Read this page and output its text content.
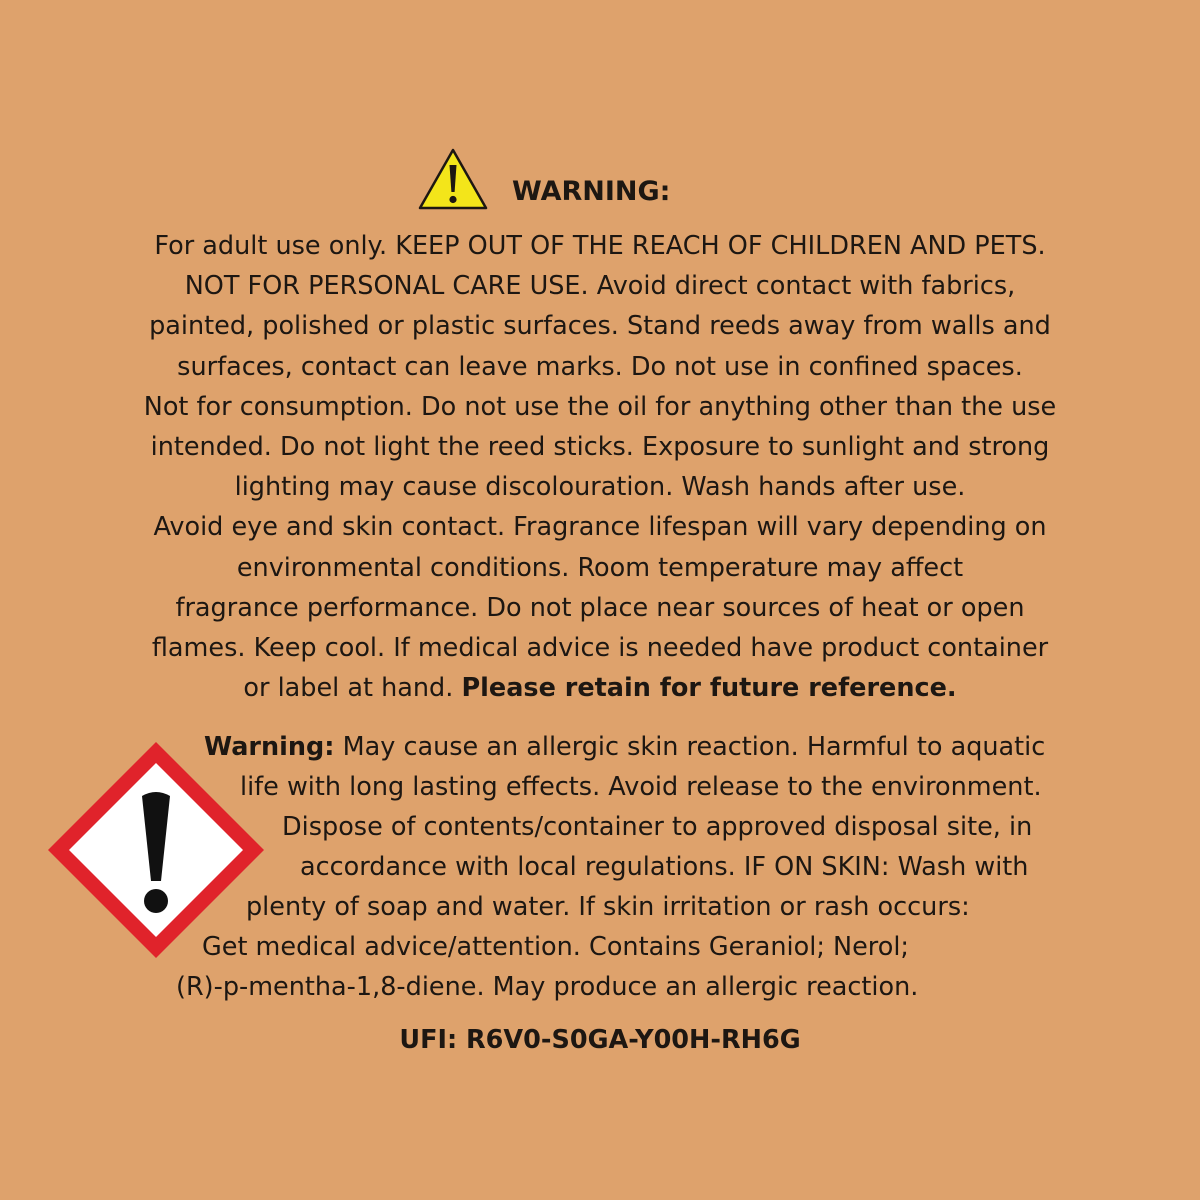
WARNING:
For adult use only. KEEP OUT OF THE REACH OF CHILDREN AND PETS.
NOT FOR PERSONAL CARE USE. Avoid direct contact with fabrics,
painted, polished or plastic surfaces. Stand reeds away from walls and
surfaces, contact can leave marks. Do not use in confined spaces.
Not for consumption. Do not use the oil for anything other than the use
intended. Do not light the reed sticks. Exposure to sunlight and strong
lighting may cause discolouration. Wash hands after use.
Avoid eye and skin contact. Fragrance lifespan will vary depending on
environmental conditions. Room temperature may affect
fragrance performance. Do not place near sources of heat or open
flames. Keep cool. If medical advice is needed have product container
or label at hand. Please retain for future reference.
Warning: May cause an allergic skin reaction. Harmful to aquatic
life with long lasting effects. Avoid release to the environment.
Dispose of contents/container to approved disposal site, in
accordance with local regulations. IF ON SKIN: Wash with
plenty of soap and water. If skin irritation or rash occurs:
Get medical advice/attention. Contains Geraniol; Nerol;
(R)-p-mentha-1,8-diene. May produce an allergic reaction.
UFI: R6V0-S0GA-Y00H-RH6G
